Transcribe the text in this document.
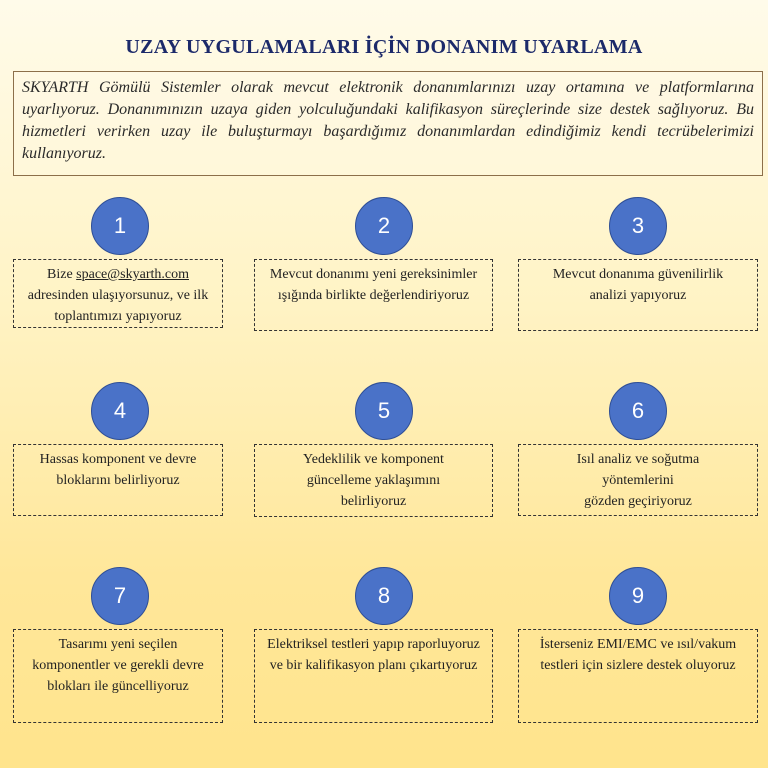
UZAY UYGULAMALARI İÇİN DONANIM UYARLAMA
SKYARTH Gömülü Sistemler olarak mevcut elektronik donanımlarınızı uzay ortamına ve platformlarına uyarlıyoruz. Donanımınızın uzaya giden yolculuğundaki kalifikasyon süreçlerinde size destek sağlıyoruz. Bu hizmetleri verirken uzay ile buluşturmayı başardığımız donanımlardan edindiğimiz kendi tecrübelerimizi kullanıyoruz.
1	2	3
Bize space@skyarth.com adresinden ulaşıyorsunuz, ve ilk toplantımızı yapıyoruz
Mevcut donanımı yeni gereksinimler ışığında birlikte değerlendiriyoruz
Mevcut donanıma güvenilirlik analizi yapıyoruz
4	5	6
Hassas komponent ve devre bloklarını belirliyoruz
Yedeklilik ve komponent güncelleme yaklaşımını belirliyoruz
Isıl analiz ve soğutma yöntemlerini
gözden geçiriyoruz
7	8	9
Tasarımı yeni seçilen komponentler ve gerekli devre blokları ile güncelliyoruz
Elektriksel testleri yapıp raporluyoruz ve bir kalifikasyon planı çıkartıyoruz
İsterseniz EMI/EMC ve ısıl/vakum testleri için sizlere destek oluyoruz
